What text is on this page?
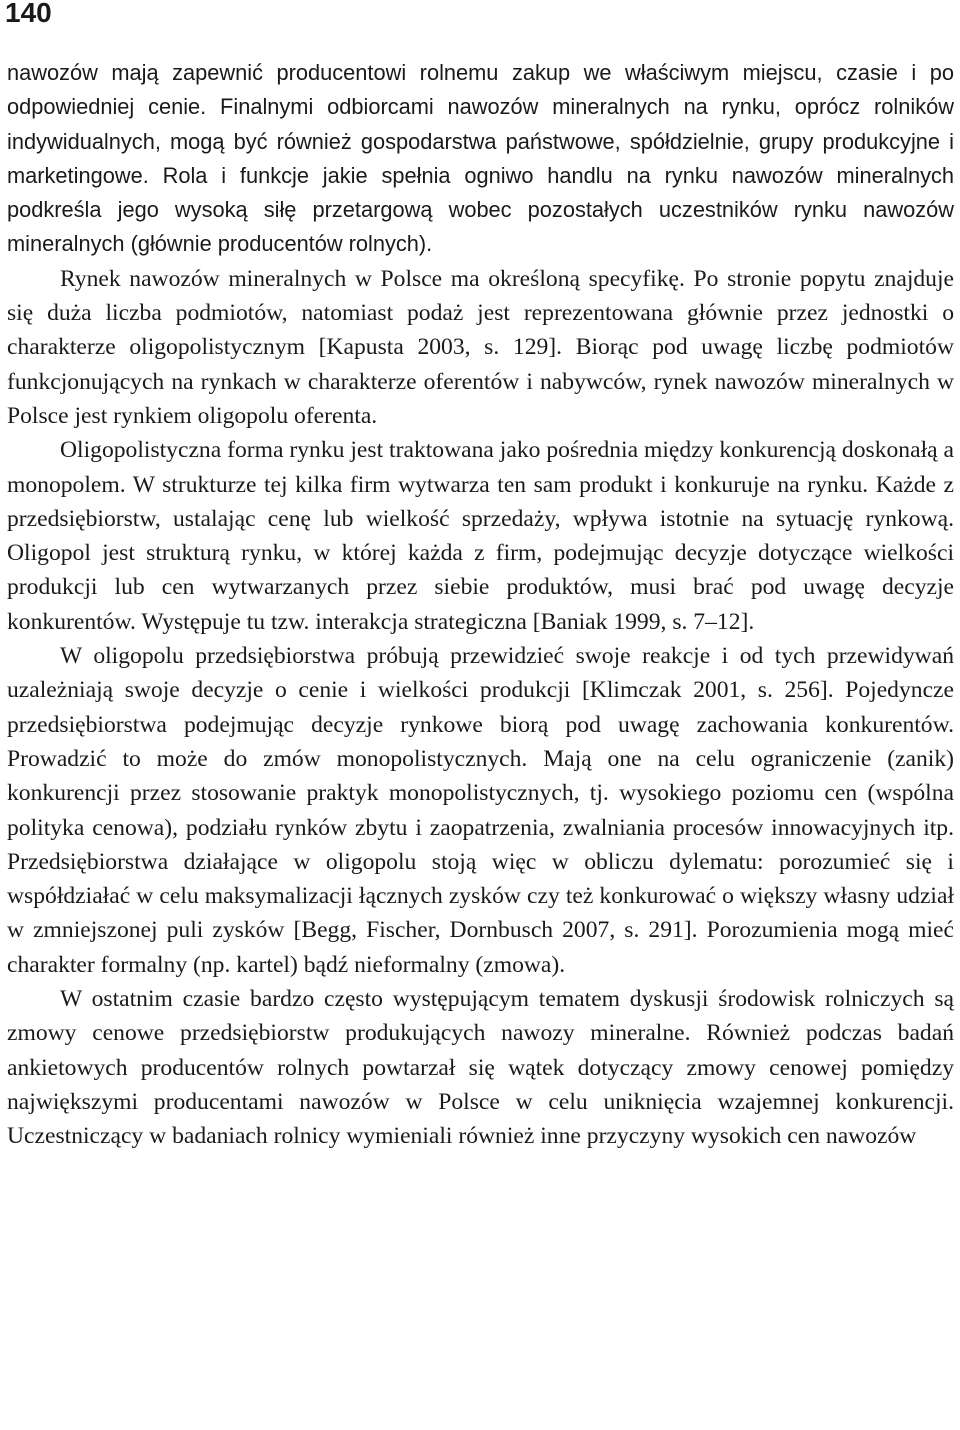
140

nawozów mają zapewnić producentowi rolnemu zakup we właściwym miejscu, czasie i po odpowiedniej cenie. Finalnymi odbiorcami nawozów mineralnych na rynku, oprócz rolników indywidualnych, mogą być również gospodarstwa państwowe, spółdzielnie, grupy produkcyjne i marketingowe. Rola i funkcje jakie spełnia ogniwo handlu na rynku nawozów mineralnych podkreśla jego wysoką siłę przetargową wobec pozostałych uczestników rynku nawozów mineralnych (głównie producentów rolnych).

Rynek nawozów mineralnych w Polsce ma określoną specyfikę. Po stronie popytu znajduje się duża liczba podmiotów, natomiast podaż jest reprezentowana głównie przez jednostki o charakterze oligopolistycznym [Kapusta 2003, s. 129]. Biorąc pod uwagę liczbę podmiotów funkcjonujących na rynkach w charakterze oferentów i nabywców, rynek nawozów mineralnych w Polsce jest rynkiem oligopolu oferenta.

Oligopolistyczna forma rynku jest traktowana jako pośrednia między konkurencją doskonałą a monopolem. W strukturze tej kilka firm wytwarza ten sam produkt i konkuruje na rynku. Każde z przedsiębiorstw, ustalając cenę lub wielkość sprzedaży, wpływa istotnie na sytuację rynkową. Oligopol jest strukturą rynku, w której każda z firm, podejmując decyzje dotyczące wielkości produkcji lub cen wytwarzanych przez siebie produktów, musi brać pod uwagę decyzje konkurentów. Występuje tu tzw. interakcja strategiczna [Baniak 1999, s. 7–12].

W oligopolu przedsiębiorstwa próbują przewidzieć swoje reakcje i od tych przewidywań uzależniają swoje decyzje o cenie i wielkości produkcji [Klimczak 2001, s. 256]. Pojedyncze przedsiębiorstwa podejmując decyzje rynkowe biorą pod uwagę zachowania konkurentów. Prowadzić to może do zmów monopolistycznych. Mają one na celu ograniczenie (zanik) konkurencji przez stosowanie praktyk monopolistycznych, tj. wysokiego poziomu cen (wspólna polityka cenowa), podziału rynków zbytu i zaopatrzenia, zwalniania procesów innowacyjnych itp. Przedsiębiorstwa działające w oligopolu stoją więc w obliczu dylematu: porozumieć się i współdziałać w celu maksymalizacji łącznych zysków czy też konkurować o większy własny udział w zmniejszonej puli zysków [Begg, Fischer, Dornbusch 2007, s. 291]. Porozumienia mogą mieć charakter formalny (np. kartel) bądź nieformalny (zmowa).

W ostatnim czasie bardzo często występującym tematem dyskusji środowisk rolniczych są zmowy cenowe przedsiębiorstw produkujących nawozy mineralne. Również podczas badań ankietowych producentów rolnych powtarzał się wątek dotyczący zmowy cenowej pomiędzy największymi producentami nawozów w Polsce w celu uniknięcia wzajemnej konkurencji. Uczestniczący w badaniach rolnicy wymieniali również inne przyczyny wysokich cen nawozów
